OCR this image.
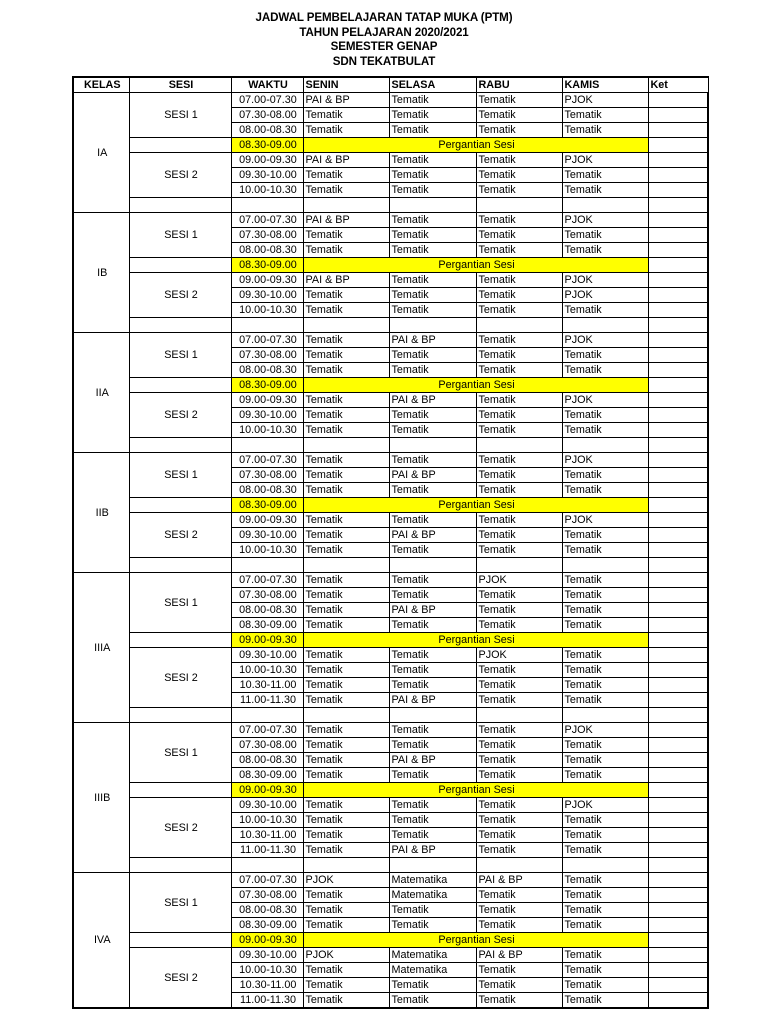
JADWAL PEMBELAJARAN TATAP MUKA (PTM)
TAHUN PELAJARAN 2020/2021
SEMESTER GENAP
SDN TEKATBULAT
KELAS	SESI	WAKTU	SENIN	SELASA	RABU	KAMIS	Ket
IA	SESI 1	07.00-07.30	PAI & BP	Tematik	Tematik	PJOK	
		07.30-08.00	Tematik	Tematik	Tematik	Tematik	
		08.00-08.30	Tematik	Tematik	Tematik	Tematik	
		08.30-09.00	Pergantian Sesi				
	SESI 2	09.00-09.30	PAI & BP	Tematik	Tematik	PJOK	
		09.30-10.00	Tematik	Tematik	Tematik	Tematik	
		10.00-10.30	Tematik	Tematik	Tematik	Tematik	

IB	SESI 1	07.00-07.30	PAI & BP	Tematik	Tematik	PJOK	
		07.30-08.00	Tematik	Tematik	Tematik	Tematik	
		08.00-08.30	Tematik	Tematik	Tematik	Tematik	
		08.30-09.00	Pergantian Sesi				
	SESI 2	09.00-09.30	PAI & BP	Tematik	Tematik	PJOK	
		09.30-10.00	Tematik	Tematik	Tematik	PJOK	
		10.00-10.30	Tematik	Tematik	Tematik	Tematik	

IIA	SESI 1	07.00-07.30	Tematik	PAI & BP	Tematik	PJOK	
		07.30-08.00	Tematik	Tematik	Tematik	Tematik	
		08.00-08.30	Tematik	Tematik	Tematik	Tematik	
		08.30-09.00	Pergantian Sesi				
	SESI 2	09.00-09.30	Tematik	PAI & BP	Tematik	PJOK	
		09.30-10.00	Tematik	Tematik	Tematik	Tematik	
		10.00-10.30	Tematik	Tematik	Tematik	Tematik	

IIB	SESI 1	07.00-07.30	Tematik	Tematik	Tematik	PJOK	
		07.30-08.00	Tematik	PAI & BP	Tematik	Tematik	
		08.00-08.30	Tematik	Tematik	Tematik	Tematik	
		08.30-09.00	Pergantian Sesi				
	SESI 2	09.00-09.30	Tematik	Tematik	Tematik	PJOK	
		09.30-10.00	Tematik	PAI & BP	Tematik	Tematik	
		10.00-10.30	Tematik	Tematik	Tematik	Tematik	

IIIA	SESI 1	07.00-07.30	Tematik	Tematik	PJOK	Tematik	
		07.30-08.00	Tematik	Tematik	Tematik	Tematik	
		08.00-08.30	Tematik	PAI & BP	Tematik	Tematik	
		08.30-09.00	Tematik	Tematik	Tematik	Tematik	
		09.00-09.30	Pergantian Sesi				
	SESI 2	09.30-10.00	Tematik	Tematik	PJOK	Tematik	
		10.00-10.30	Tematik	Tematik	Tematik	Tematik	
		10.30-11.00	Tematik	Tematik	Tematik	Tematik	
		11.00-11.30	Tematik	PAI & BP	Tematik	Tematik	

IIIB	SESI 1	07.00-07.30	Tematik	Tematik	Tematik	PJOK	
		07.30-08.00	Tematik	Tematik	Tematik	Tematik	
		08.00-08.30	Tematik	PAI & BP	Tematik	Tematik	
		08.30-09.00	Tematik	Tematik	Tematik	Tematik	
		09.00-09.30	Pergantian Sesi				
	SESI 2	09.30-10.00	Tematik	Tematik	Tematik	PJOK	
		10.00-10.30	Tematik	Tematik	Tematik	Tematik	
		10.30-11.00	Tematik	Tematik	Tematik	Tematik	
		11.00-11.30	Tematik	PAI & BP	Tematik	Tematik	

IVA	SESI 1	07.00-07.30	PJOK	Matematika	PAI & BP	Tematik	
		07.30-08.00	Tematik	Matematika	Tematik	Tematik	
		08.00-08.30	Tematik	Tematik	Tematik	Tematik	
		08.30-09.00	Tematik	Tematik	Tematik	Tematik	
		09.00-09.30	Pergantian Sesi				
	SESI 2	09.30-10.00	PJOK	Matematika	PAI & BP	Tematik	
		10.00-10.30	Tematik	Matematika	Tematik	Tematik	
		10.30-11.00	Tematik	Tematik	Tematik	Tematik	
		11.00-11.30	Tematik	Tematik	Tematik	Tematik	
